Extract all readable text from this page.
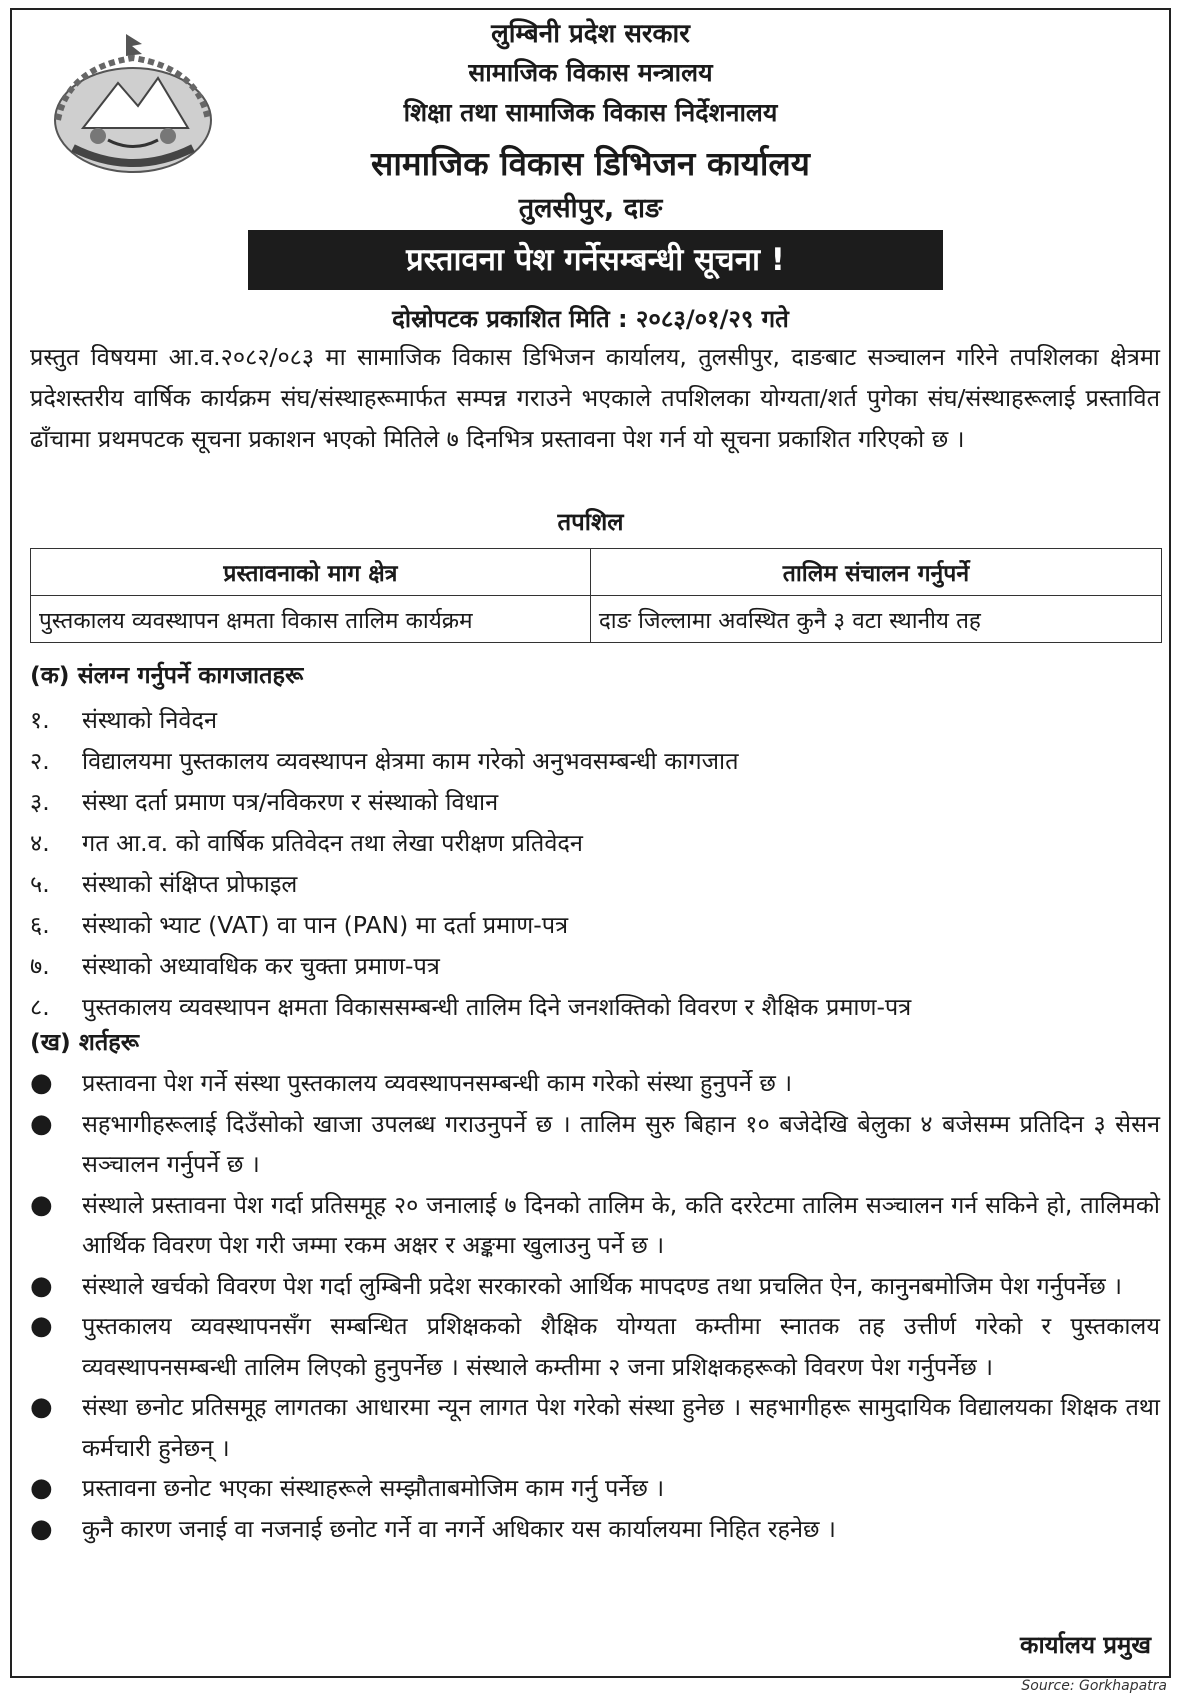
लुम्बिनी प्रदेश सरकार
सामाजिक विकास मन्त्रालय
शिक्षा तथा सामाजिक विकास निर्देशनालय
सामाजिक विकास डिभिजन कार्यालय
तुलसीपुर, दाङ
प्रस्तावना पेश गर्नेसम्बन्धी सूचना !
दोस्रोपटक प्रकाशित मिति : २०८३/०१/२९ गते

प्रस्तुत विषयमा आ.व.२०८२/०८३ मा सामाजिक विकास डिभिजन कार्यालय, तुलसीपुर, दाङबाट सञ्चालन गरिने तपशिलका क्षेत्रमा प्रदेशस्तरीय वार्षिक कार्यक्रम संघ/संस्थाहरूमार्फत सम्पन्न गराउने भएकाले तपशिलका योग्यता/शर्त पुगेका संघ/संस्थाहरूलाई प्रस्तावित ढाँचामा प्रथमपटक सूचना प्रकाशन भएको मितिले ७ दिनभित्र प्रस्तावना पेश गर्न यो सूचना प्रकाशित गरिएको छ ।

तपशिल
प्रस्तावनाको माग क्षेत्र	तालिम संचालन गर्नुपर्ने
पुस्तकालय व्यवस्थापन क्षमता विकास तालिम कार्यक्रम	दाङ जिल्लामा अवस्थित कुनै ३ वटा स्थानीय तह
(क) संलग्न गर्नुपर्ने कागजातहरू
१.	संस्थाको निवेदन
२.	विद्यालयमा पुस्तकालय व्यवस्थापन क्षेत्रमा काम गरेको अनुभवसम्बन्धी कागजात
३.	संस्था दर्ता प्रमाण पत्र/नविकरण र संस्थाको विधान
४.	गत आ.व. को वार्षिक प्रतिवेदन तथा लेखा परीक्षण प्रतिवेदन
५.	संस्थाको संक्षिप्त प्रोफाइल
६.	संस्थाको भ्याट (VAT) वा पान (PAN) मा दर्ता प्रमाण-पत्र
७.	संस्थाको अध्यावधिक कर चुक्ता प्रमाण-पत्र
८.	पुस्तकालय व्यवस्थापन क्षमता विकाससम्बन्धी तालिम दिने जनशक्तिको विवरण र शैक्षिक प्रमाण-पत्र
(ख) शर्तहरू
●	प्रस्तावना पेश गर्ने संस्था पुस्तकालय व्यवस्थापनसम्बन्धी काम गरेको संस्था हुनुपर्ने छ ।
●	सहभागीहरूलाई दिउँसोको खाजा उपलब्ध गराउनुपर्ने छ । तालिम सुरु बिहान १० बजेदेखि बेलुका ४ बजेसम्म प्रतिदिन ३ सेसन सञ्चालन गर्नुपर्ने छ ।
●	संस्थाले प्रस्तावना पेश गर्दा प्रतिसमूह २० जनालाई ७ दिनको तालिम के, कति दररेटमा तालिम सञ्चालन गर्न सकिने हो, तालिमको आर्थिक विवरण पेश गरी जम्मा रकम अक्षर र अङ्कमा खुलाउनु पर्ने छ ।
●	संस्थाले खर्चको विवरण पेश गर्दा लुम्बिनी प्रदेश सरकारको आर्थिक मापदण्ड तथा प्रचलित ऐन, कानुनबमोजिम पेश गर्नुपर्नेछ ।
●	पुस्तकालय व्यवस्थापनसँग सम्बन्धित प्रशिक्षकको शैक्षिक योग्यता कम्तीमा स्नातक तह उत्तीर्ण गरेको र पुस्तकालय व्यवस्थापनसम्बन्धी तालिम लिएको हुनुपर्नेछ । संस्थाले कम्तीमा २ जना प्रशिक्षकहरूको विवरण पेश गर्नुपर्नेछ ।
●	संस्था छनोट प्रतिसमूह लागतका आधारमा न्यून लागत पेश गरेको संस्था हुनेछ । सहभागीहरू सामुदायिक विद्यालयका शिक्षक तथा कर्मचारी हुनेछन् ।
●	प्रस्तावना छनोट भएका संस्थाहरूले सम्झौताबमोजिम काम गर्नु पर्नेछ ।
●	कुनै कारण जनाई वा नजनाई छनोट गर्ने वा नगर्ने अधिकार यस कार्यालयमा निहित रहनेछ ।
कार्यालय प्रमुख
Source: Gorkhapatra
